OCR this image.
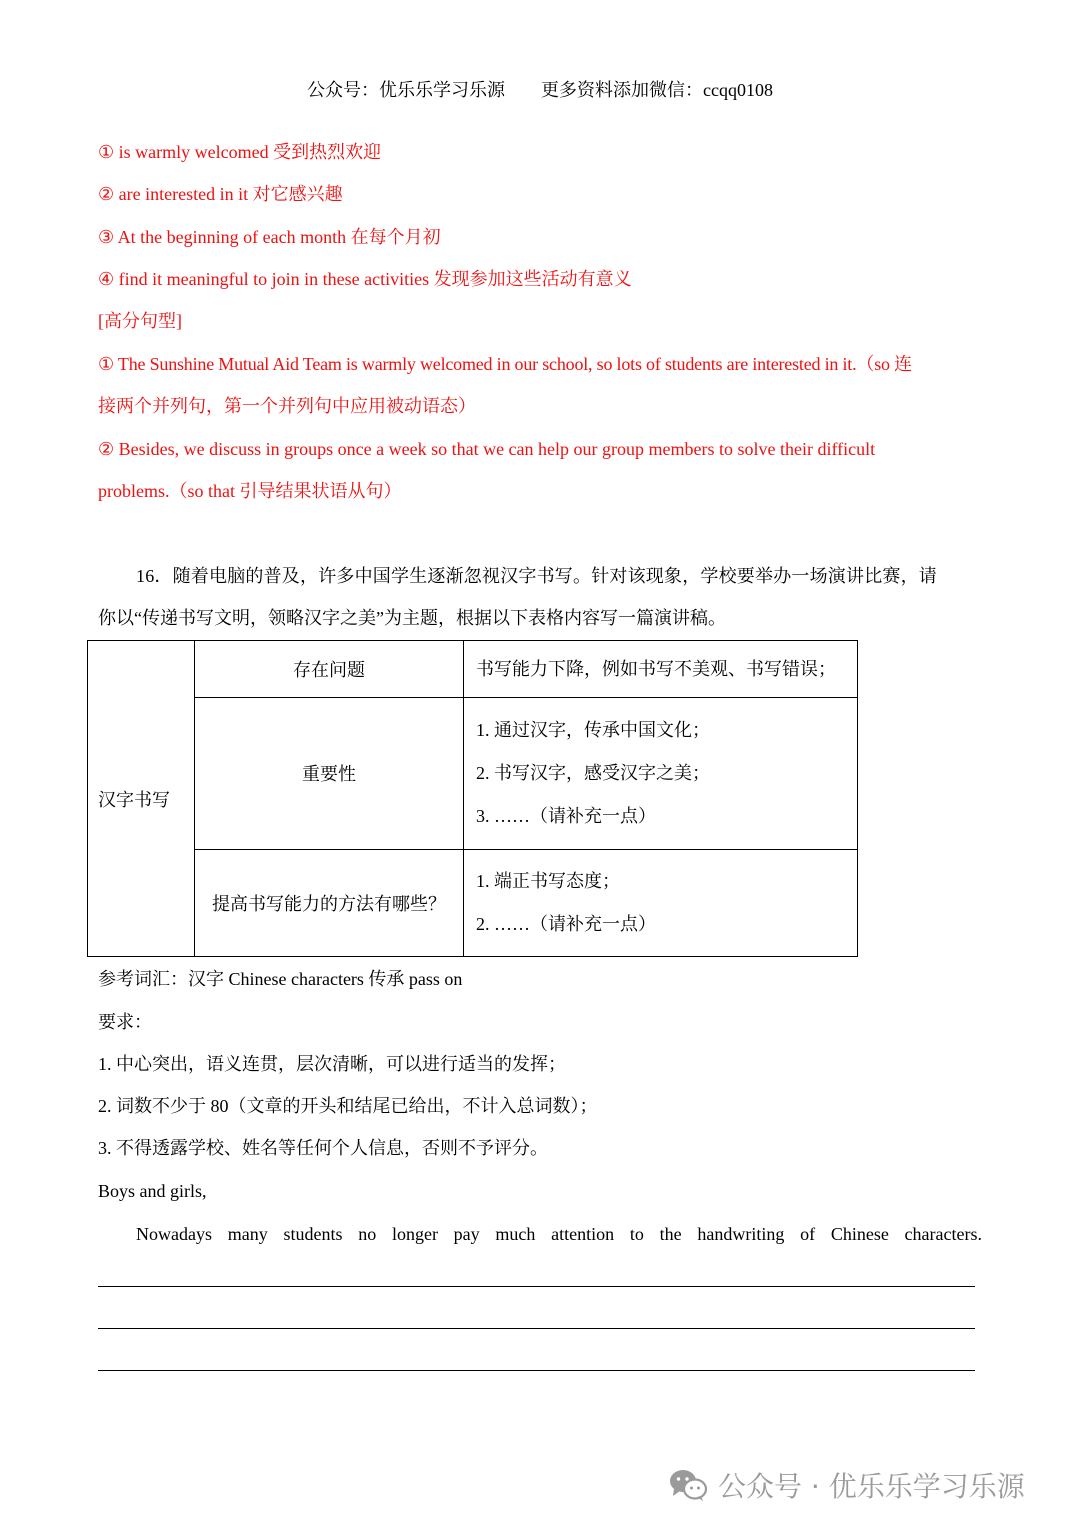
公众号：优乐乐学习乐源 更多资料添加微信：ccqq0108
① is warmly welcomed 受到热烈欢迎
② are interested in it 对它感兴趣
③ At the beginning of each month 在每个月初
④ find it meaningful to join in these activities 发现参加这些活动有意义
[高分句型]
① The Sunshine Mutual Aid Team is warmly welcomed in our school, so lots of students are interested in it.（so 连
接两个并列句，第一个并列句中应用被动语态）
② Besides, we discuss in groups once a week so that we can help our group members to solve their difficult
problems.（so that 引导结果状语从句）
16．随着电脑的普及，许多中国学生逐渐忽视汉字书写。针对该现象，学校要举办一场演讲比赛，请
你以“传递书写文明，领略汉字之美”为主题，根据以下表格内容写一篇演讲稿。
汉字书写	存在问题	书写能力下降，例如书写不美观、书写错误；

	重要性	1. 通过汉字，传承中国文化；
2. 书写汉字，感受汉字之美；
3. ……（请补充一点）

	提高书写能力的方法有哪些？	1. 端正书写态度；
2. ……（请补充一点）
参考词汇：汉字 Chinese characters 传承 pass on
要求：
1. 中心突出，语义连贯，层次清晰，可以进行适当的发挥；
2. 词数不少于 80（文章的开头和结尾已给出，不计入总词数）；
3. 不得透露学校、姓名等任何个人信息，否则不予评分。
Boys and girls,
Nowadays many students no longer pay much attention to the handwriting of Chinese characters.
公众号 · 优乐乐学习乐源
